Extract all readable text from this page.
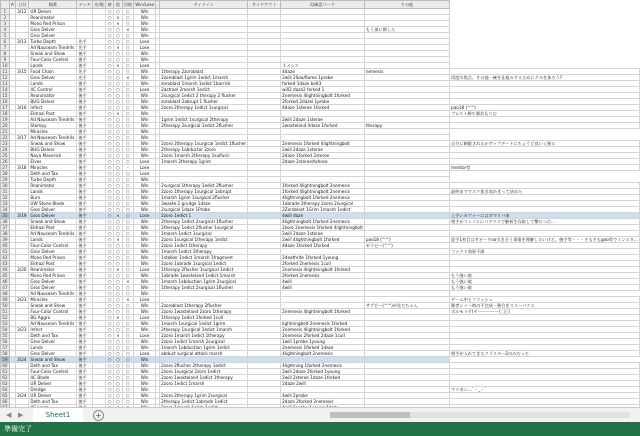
	A	日付	順番	デッキ	先/後	勝	敗	回数	Win/Lose		サイドイン	サイドアウト	再確認コード	その他	
1		3/12	UR Delver			○	○	○	Win						
2			Reanimator			○	×	○	Win						
3			Mono Red Prison			○	×	○	Win						
4			Gros Delver			○	○	×	Win					もう黒に倒した	
5			Gros Delver			○	○	○	Win						
6		3/13	Turbo Depth	先手		○	○	○	Lose						
7			Ad Nauseam Tendrils	先手		○	×	○	Lose						
8			Sneak and Show	後手		○	○	○	Win						
9			Four-Color Control	後手		○	○	○	Win						
10			Lands	後手		○	×	○	Lose				ネメシス		
11		3/15	Food Chain	先手		○	○	○	Win		1therapy 2zoroblast		4daze	nemesis	
12			Gros Delver	先手		○	○	×	Win		2zoroblast 1grim 1edict 1marsh		2will 2Sea/Rome 1probe		再度の焦点。その他一統を仕組みするためにクルを抜ろう?
13			Lands	後手		○	○	○	Win		zoroblast 1marsh 1edict 1barrick		forked 1daze bolt3		
14			4C Control	後手		○	○	○	Lose		2astrael 2marsh 1edict		will2 daze2 forked 1		
15			Reanimator	後手		○	○	○	Win		2surgical 1edict 2 therapy 2 flusher		2nemesis 4lightningbolt 1forked		
16			BUG Delver	後手		○	○	○	Win		zoroblast 2abrupt 1 flusher		2forked 2dazel 1probe		
17		3/16	Infect	後手		○	○	○	Win		2zoro 2therapy 1edict 1surgical		4daze 1steroe 1forked		pao18 (^^)
18			Eldrazi Post	後手		○	×	○	Win						プレスト勝ち勝負もりむ
19			Ad Nauseam Tendrils	後手		○	○	○	Win		1grim 1edict 1surgical 2therapy		2will 2daze 1steroe		
20			Stompy	後手		○	○	○	Win		2therapy 2surgical 1edict 2flusher		2wasteland 4daze 1forked	therapy	
21			Miracles	後手		○	○	○	Win						
22		3/17	Ad Nauseam Tendrils	後手		○	○	○	Win						
23			Sneak and Show	後手		○	○	○	Win		2zoro 2therapy 1surgical 1edict 1flusher		2nemesis 1forked 4lightningbolt		自分に制限されるかアップデートにちょうど良いく指る
24			BUG Delver	後手		○	○	○	Win		2therapy 1abductor 2zoro		2will 2daze 1steroe		
25			Naya Maverick	後手		○	○	○	Win		2zoro 1marsh 2therapy 1sulfuric		2daze 1forked 2steroe		
26			Elves	後手		○	○	○	Lose		1marsh 2therapy 1grim		2daze 2steroe/tohose		
27		3/18	Miracles	後手		○	○	-	Lose						mentor型
28			Deth and Tax	後手		○	○	○	Lose						
29			Turbo Depth	後手		○	○	○	Win						
30			Reanimator	後手		○	○	○	Win		2surgical 1therapy 1edict 2flusher		1forked 4lightningbolt 2nemesis		
31			Lands	後手		○	○	○	Win		2zoro 1therapy 1surgical 1abrupt		1forked 4lightningbolt 2nemesis		最終までマスク抜き攻めきって決めた
32			Burn	後手		○	○	○	Win		1marsh 1grim 1surgical 2flusher		4lightningbolt 1forked 2nemesis		
33			UW Stone Blade	後手		○	○	○	Win		3waste 2 grudge 1daze		1abrade 2therapy 2zoro 2surgical		
34			Gros Delver	後手		○	○	○	Win		2surgical 1daze 1Probe		2Zoroblast 1Grim 1marsh 1edict		
35		3/19	Gros Delver	後手		○	×	○	Lose		2zoro 1edict 1		4will daze		上手いカヴァーにはダマリバ来
36			Sneak and Show	後手		○	○	○	Win		2therapy 1edict 2surgical 1flusher		4lightningbolt 1forked 2nemesis		相手がフェイエにバグリスで解析生存取して撃ちつ合…
37			Eldrazi Post	後手		○	○	○	Win		2therapy 1edict 2flusher 1surgical		2zoro 2nemesis 1forked 4lightningbolt		
38			Ad Nauseam Tendrils	後手		○	○	○	Win		1marsh 1edict 1surgical		2will 2daze 1steroe		
39			Lands	後手		○	×	○	Win		2zoro 1surgical 1therapy 1edict		2will 4lightningbolt 1forked	pao18 (^^)	迎手1枚目はサビーワoo引き合う事情を理解したいけど。後手等・・・そもそもgoo等でインスタ…
40			Four-Color Control	後手		○	○	○	Win		2zoro 1edict 1therapy		4daze 1forked 1forked	ゼラビー(^^)	
41			Gros Delver	後手		○	○	○	Win		1marsh 1edict 1therapy				ファクト効果不満
42			Mono Red Prison	後手		○	○	○	Win		1stalker 1edict 1marsh 1fragment		2deathrite 1forked 1young		
43			Eldrazi Post	後手		○	○	○	Win		2zoro 1abrade 1surgical 1edict		2forked 2nemesis 1cull		
44		3/20	Reanimator	後手		○	×	○	Lose		1therapy 2flusher 1surgical 1edict		2nemesis 4lightningbolt 1forked		
45			Mono Red Prison	後手		○	○	○	Win		1abrade 1wasteland 1edict 1marsh		2forked 2nemesis		もう強い敗
46			Gros Delver	後手		○	○	×	Win		1marsh 1abduction 1grim 2surgical		4will		もう強い敗
47			Gros Delver	後手		○	○	○	Win		1therapy 1edict 2surgical 1flusher		4will		もう強い敗
48			Ad Nauseam Tendrils	後手		○	○	○	Win						
49		3/23	Miracles	後手		○	○	×	Lose						ゲーム中とフラッシュ
50			Sneak and Show	後手		○	○	○	Win		2zoroblast 1therapy 2flusher			サブビー(^^)が先だちゃん	勝者ンミー時の不完成・勝合をスリーパクス
51			Four-Color Control	後手		○	○	○	Win		2zoro 1wasteland 2zoro 1therapy		2nemesis 4lightningbolt 1forked		ボルモリテ(ゲーーーーー仁王:)
52			BG Aggro	後手		○	×	○	Lose		1therapy 1edict 1forked 1cull				
53			Ad Nauseam Tendrils	後手		○	○	○	Win		1marsh 1surgical 1edict 1grim		lightningbolt 2nemesis 1forked		
54		3/23	Infect	後手		○	○	○	Win		2therapy 1surgical 1edict 1marsh		2nemesis 4lightningbolt 1forked		
55			Deth and Tax	後手		○	×	○	Lose		2zoro 1marsh 1edict 1therapy		2nemesis 2forked 2daze 1cull		
56			Gros Delver	後手		○	○	○	Win		2zoro 1edict 1marsh 2surgical		1will 1probe 1young		
57			Lands	後手		○	○	○	Win		1marsh 1abduction 1grim 1edict		2nemesis 1forked 1daze		
58			Gros Delver	後手		○	○	○	Lose		abduct surgical attack marsh		4lightningbolt 2nemesis		相手が入れてきたフラスター2のみだった
59		3/24	Sneak and Show	後手		○	○	○	Win						
60			Deth and Tax	後手		○	○	○	Win		2zoro 2flusher 2therapy 1edict		4lightning 1forked 2nemesis		
61			Four-Color Control	後手		○	○	○	Win		2zoro 1surgical 2zoro 1edict		2will 2daze 2forked 1young		
62			4C Blade	後手		○	○	○	Win		2zoro 1wasteland 1edict 1therapy		2will 2steroe 1daze 1forked		
63			UR Delver	後手		○	○	○	Win		2zoro 1edict 1marsh		2daze 2will		
64			Dredge	後手		○	○	○	Win						マリガン…`・_・´
65		3/24	UR Delver	後手		○	○	○	Win		2zoro 2therapy 1grim 2surgical		4will 2probe		
66			Deth and Tax	後手		○	○	○	Win		2therapy 1edict 1abrade 1edict		2daze 2forked 2nemesis		

◀ ▶	Sheet1	+
準備完了
